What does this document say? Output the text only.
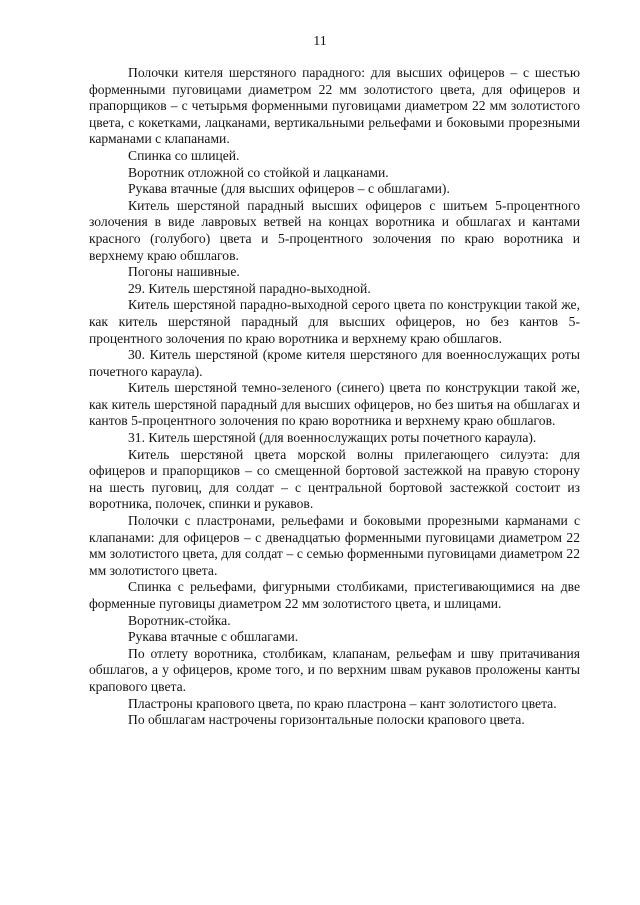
11

Полочки кителя шерстяного парадного: для высших офицеров – с шестью форменными пуговицами диаметром 22 мм золотистого цвета, для офицеров и прапорщиков – с четырьмя форменными пуговицами диаметром 22 мм золотистого цвета, с кокетками, лацканами, вертикальными рельефами и боковыми прорезными карманами с клапанами.

Спинка со шлицей.

Воротник отложной со стойкой и лацканами.

Рукава втачные (для высших офицеров – с обшлагами).

Китель шерстяной парадный высших офицеров с шитьем 5-процентного золочения в виде лавровых ветвей на концах воротника и обшлагах и кантами красного (голубого) цвета и 5-процентного золочения по краю воротника и верхнему краю обшлагов.

Погоны нашивные.

29. Китель шерстяной парадно-выходной.

Китель шерстяной парадно-выходной серого цвета по конструкции такой же, как китель шерстяной парадный для высших офицеров, но без кантов 5-процентного золочения по краю воротника и верхнему краю обшлагов.

30. Китель шерстяной (кроме кителя шерстяного для военнослужащих роты почетного караула).

Китель шерстяной темно-зеленого (синего) цвета по конструкции такой же, как китель шерстяной парадный для высших офицеров, но без шитья на обшлагах и кантов 5-процентного золочения по краю воротника и верхнему краю обшлагов.

31. Китель шерстяной (для военнослужащих роты почетного караула).

Китель шерстяной цвета морской волны прилегающего силуэта: для офицеров и прапорщиков – со смещенной бортовой застежкой на правую сторону на шесть пуговиц, для солдат – с центральной бортовой застежкой состоит из воротника, полочек, спинки и рукавов.

Полочки с пластронами, рельефами и боковыми прорезными карманами с клапанами: для офицеров – с двенадцатью форменными пуговицами диаметром 22 мм золотистого цвета, для солдат – с семью форменными пуговицами диаметром 22 мм золотистого цвета.

Спинка с рельефами, фигурными столбиками, пристегивающимися на две форменные пуговицы диаметром 22 мм золотистого цвета, и шлицами.

Воротник-стойка.

Рукава втачные с обшлагами.

По отлету воротника, столбикам, клапанам, рельефам и шву притачивания обшлагов, а у офицеров, кроме того, и по верхним швам рукавов проложены канты крапового цвета.

Пластроны крапового цвета, по краю пластрона – кант золотистого цвета.

По обшлагам настрочены горизонтальные полоски крапового цвета.
